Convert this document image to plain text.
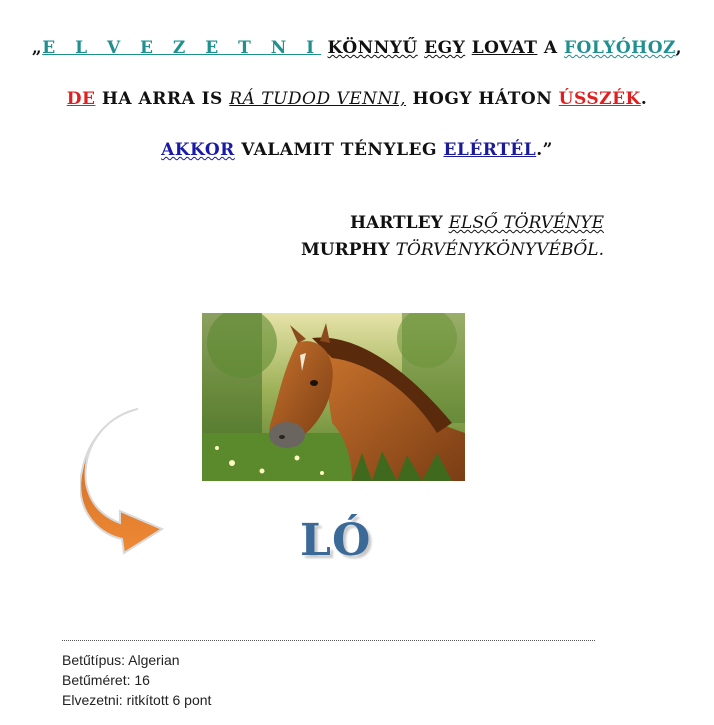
„E L V E Z E T N I KÖNNYŰ EGY LOVAT A FOLYÓHOZ,
DE HA ARRA IS RÁ TUDOD VENNI, HOGY HÁTON ÚSSZÉK.
AKKOR VALAMIT TÉNYLEG ELÉRTÉL.”
HARTLEY ELSŐ TÖRVÉNYE
MURPHY TÖRVÉNYKÖNYVÉBŐL.
LÓ
Betűtípus: Algerian
Betűméret: 16
Elvezetni: ritkított 6 pont
